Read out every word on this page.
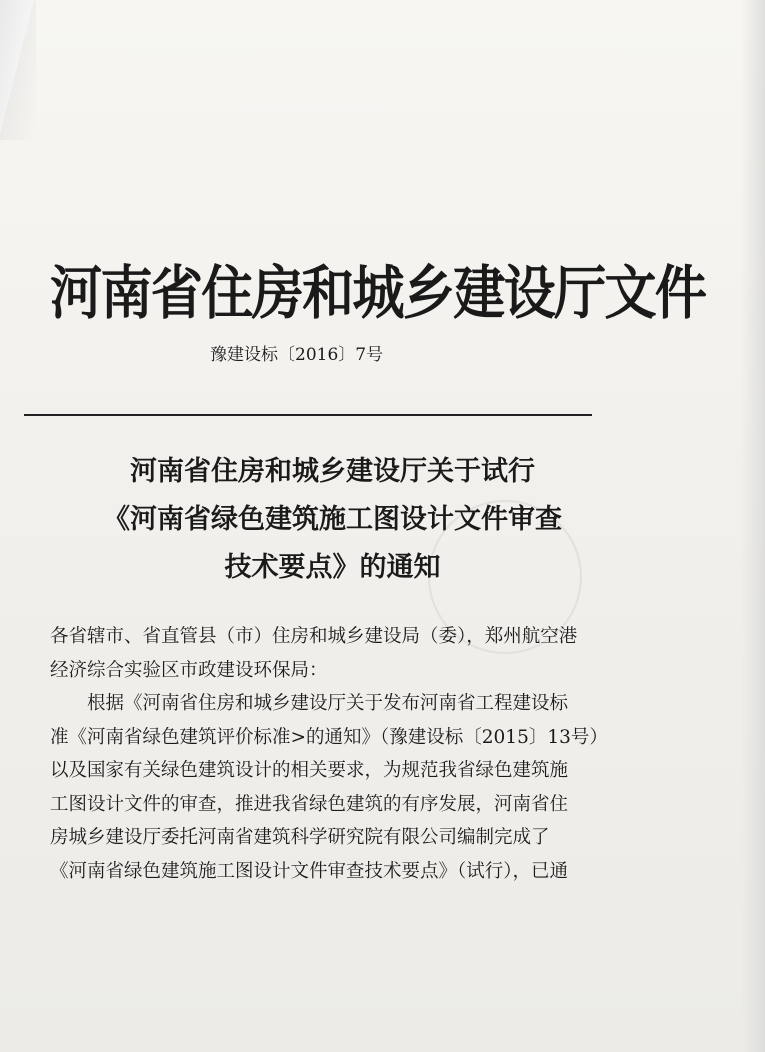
河南省住房和城乡建设厅文件
豫建设标〔2016〕7号
河南省住房和城乡建设厅关于试行
《河南省绿色建筑施工图设计文件审查
技术要点》的通知

各省辖市、省直管县（市）住房和城乡建设局（委），郑州航空港

经济综合实验区市政建设环保局：

根据《河南省住房和城乡建设厅关于发布河南省工程建设标

准《河南省绿色建筑评价标准>的通知》（豫建设标〔2015〕13号）

以及国家有关绿色建筑设计的相关要求，为规范我省绿色建筑施

工图设计文件的审查，推进我省绿色建筑的有序发展，河南省住

房城乡建设厅委托河南省建筑科学研究院有限公司编制完成了

《河南省绿色建筑施工图设计文件审查技术要点》（试行），已通
